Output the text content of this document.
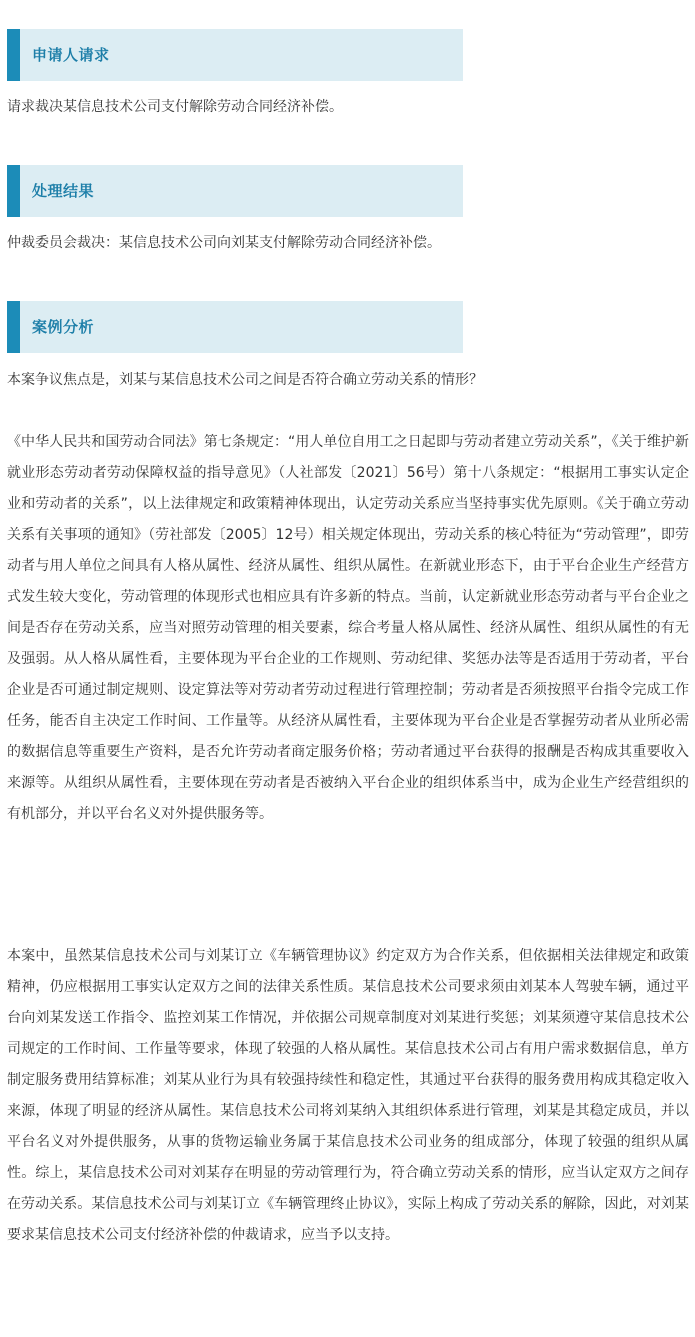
申请人请求
请求裁决某信息技术公司支付解除劳动合同经济补偿。
处理结果
仲裁委员会裁决：某信息技术公司向刘某支付解除劳动合同经济补偿。
案例分析
本案争议焦点是，刘某与某信息技术公司之间是否符合确立劳动关系的情形？
《中华人民共和国劳动合同法》第七条规定：“用人单位自用工之日起即与劳动者建立劳动关系”，《关于维护新就业形态劳动者劳动保障权益的指导意见》（人社部发〔2021〕56号）第十八条规定：“根据用工事实认定企业和劳动者的关系”，以上法律规定和政策精神体现出，认定劳动关系应当坚持事实优先原则。《关于确立劳动关系有关事项的通知》（劳社部发〔2005〕12号）相关规定体现出，劳动关系的核心特征为“劳动管理”，即劳动者与用人单位之间具有人格从属性、经济从属性、组织从属性。在新就业形态下，由于平台企业生产经营方式发生较大变化，劳动管理的体现形式也相应具有许多新的特点。当前，认定新就业形态劳动者与平台企业之间是否存在劳动关系，应当对照劳动管理的相关要素，综合考量人格从属性、经济从属性、组织从属性的有无及强弱。从人格从属性看，主要体现为平台企业的工作规则、劳动纪律、奖惩办法等是否适用于劳动者，平台企业是否可通过制定规则、设定算法等对劳动者劳动过程进行管理控制；劳动者是否须按照平台指令完成工作任务，能否自主决定工作时间、工作量等。从经济从属性看，主要体现为平台企业是否掌握劳动者从业所必需的数据信息等重要生产资料，是否允许劳动者商定服务价格；劳动者通过平台获得的报酬是否构成其重要收入来源等。从组织从属性看，主要体现在劳动者是否被纳入平台企业的组织体系当中，成为企业生产经营组织的有机部分，并以平台名义对外提供服务等。
本案中，虽然某信息技术公司与刘某订立《车辆管理协议》约定双方为合作关系，但依据相关法律规定和政策精神，仍应根据用工事实认定双方之间的法律关系性质。某信息技术公司要求须由刘某本人驾驶车辆，通过平台向刘某发送工作指令、监控刘某工作情况，并依据公司规章制度对刘某进行奖惩；刘某须遵守某信息技术公司规定的工作时间、工作量等要求，体现了较强的人格从属性。某信息技术公司占有用户需求数据信息，单方制定服务费用结算标准；刘某从业行为具有较强持续性和稳定性，其通过平台获得的服务费用构成其稳定收入来源，体现了明显的经济从属性。某信息技术公司将刘某纳入其组织体系进行管理，刘某是其稳定成员，并以平台名义对外提供服务，从事的货物运输业务属于某信息技术公司业务的组成部分，体现了较强的组织从属性。综上，某信息技术公司对刘某存在明显的劳动管理行为，符合确立劳动关系的情形，应当认定双方之间存在劳动关系。某信息技术公司与刘某订立《车辆管理终止协议》，实际上构成了劳动关系的解除，因此，对刘某要求某信息技术公司支付经济补偿的仲裁请求，应当予以支持。
